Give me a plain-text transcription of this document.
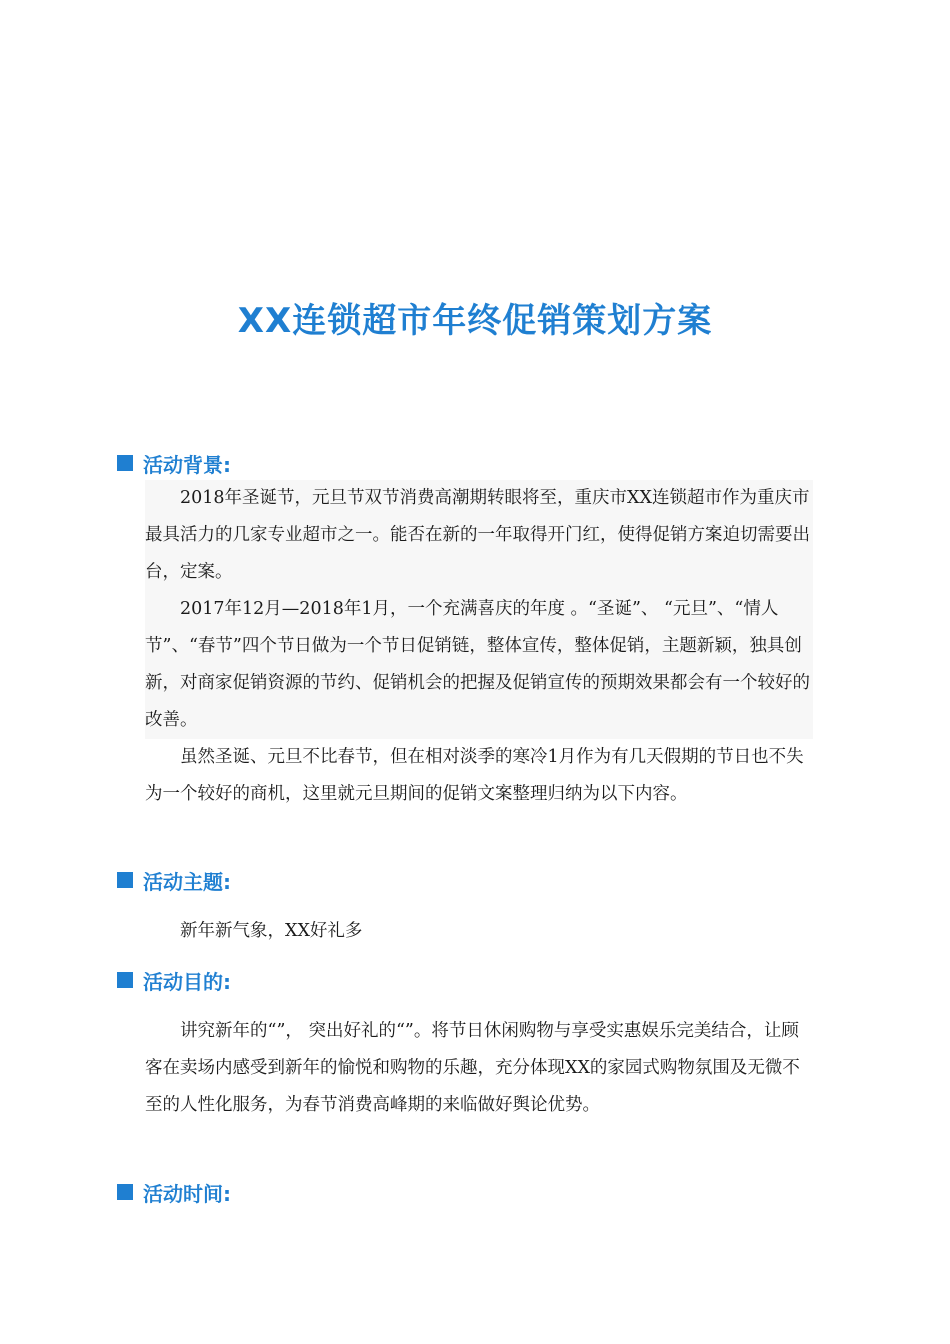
XX连锁超市年终促销策划方案
活动背景:

2018年圣诞节，元旦节双节消费高潮期转眼将至，重庆市XX连锁超市作为重庆市最具活力的几家专业超市之一。能否在新的一年取得开门红，使得促销方案迫切需要出台，定案。

2017年12月—2018年1月，一个充满喜庆的年度 。“圣诞”、 “元旦”、“情人节”、“春节”四个节日做为一个节日促销链，整体宣传，整体促销，主题新颖，独具创新，对商家促销资源的节约、促销机会的把握及促销宣传的预期效果都会有一个较好的改善。

虽然圣诞、元旦不比春节，但在相对淡季的寒冷1月作为有几天假期的节日也不失为一个较好的商机，这里就元旦期间的促销文案整理归纳为以下内容。

活动主题:

新年新气象，XX好礼多

活动目的:

讲究新年的“”， 突出好礼的“”。将节日休闲购物与享受实惠娱乐完美结合，让顾客在卖场内感受到新年的愉悦和购物的乐趣，充分体现XX的家园式购物氛围及无微不至的人性化服务，为春节消费高峰期的来临做好舆论优势。

活动时间:
